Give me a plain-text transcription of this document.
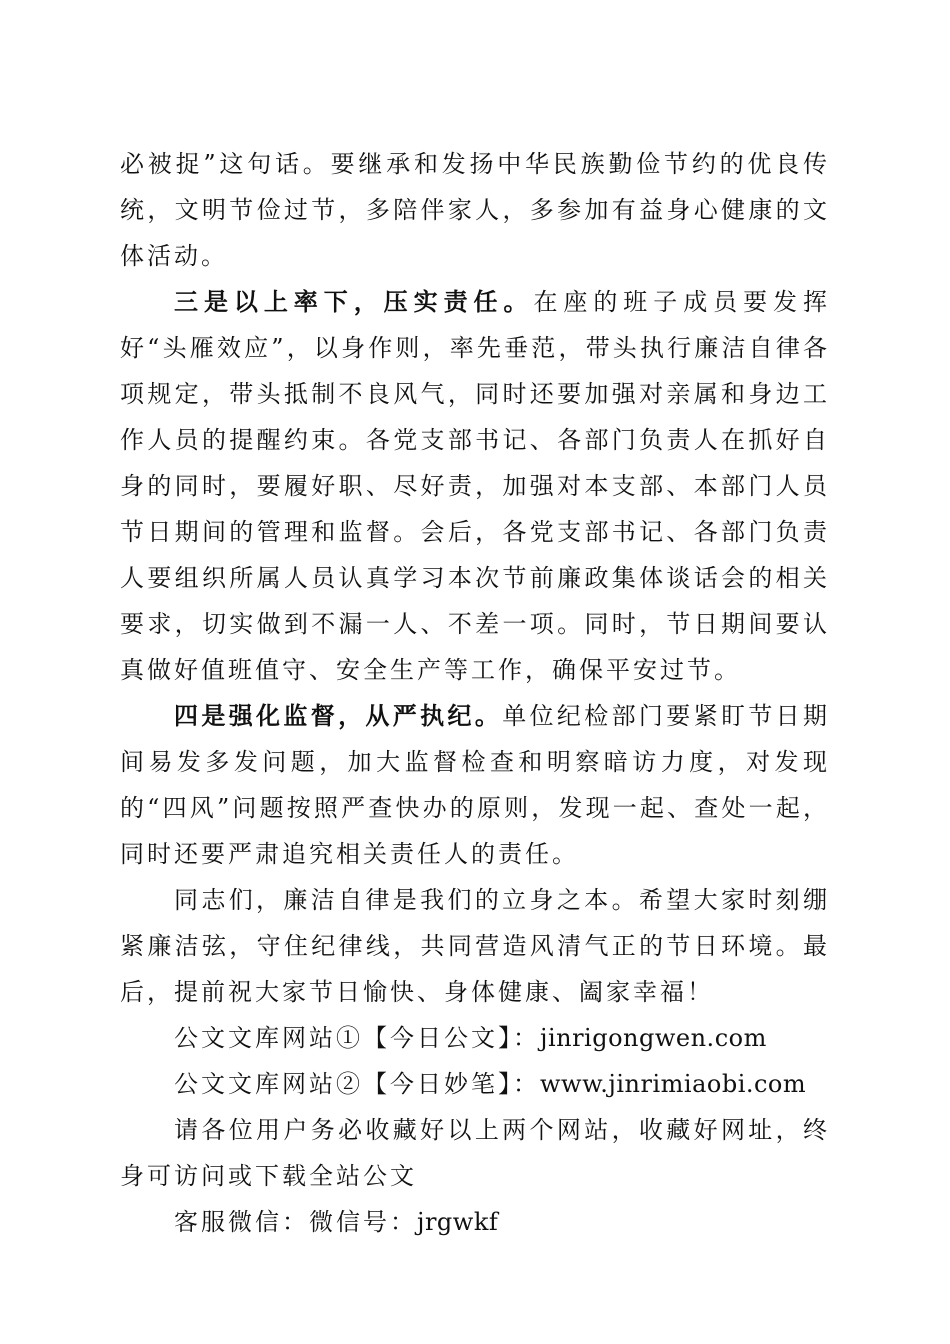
必被捉”这句话。要继承和发扬中华民族勤俭节约的优良传统，文明节俭过节，多陪伴家人，多参加有益身心健康的文体活动。

三是以上率下，压实责任。在座的班子成员要发挥好“头雁效应”，以身作则，率先垂范，带头执行廉洁自律各项规定，带头抵制不良风气，同时还要加强对亲属和身边工作人员的提醒约束。各党支部书记、各部门负责人在抓好自身的同时，要履好职、尽好责，加强对本支部、本部门人员节日期间的管理和监督。会后，各党支部书记、各部门负责人要组织所属人员认真学习本次节前廉政集体谈话会的相关要求，切实做到不漏一人、不差一项。同时，节日期间要认真做好值班值守、安全生产等工作，确保平安过节。

四是强化监督，从严执纪。单位纪检部门要紧盯节日期间易发多发问题，加大监督检查和明察暗访力度，对发现的“四风”问题按照严查快办的原则，发现一起、查处一起，同时还要严肃追究相关责任人的责任。

同志们，廉洁自律是我们的立身之本。希望大家时刻绷紧廉洁弦，守住纪律线，共同营造风清气正的节日环境。最后，提前祝大家节日愉快、身体健康、阖家幸福！

公文文库网站①【今日公文】：jinrigongwen.com

公文文库网站②【今日妙笔】：www.jinrimiaobi.com

请各位用户务必收藏好以上两个网站，收藏好网址，终身可访问或下载全站公文

客服微信：微信号：jrgwkf
